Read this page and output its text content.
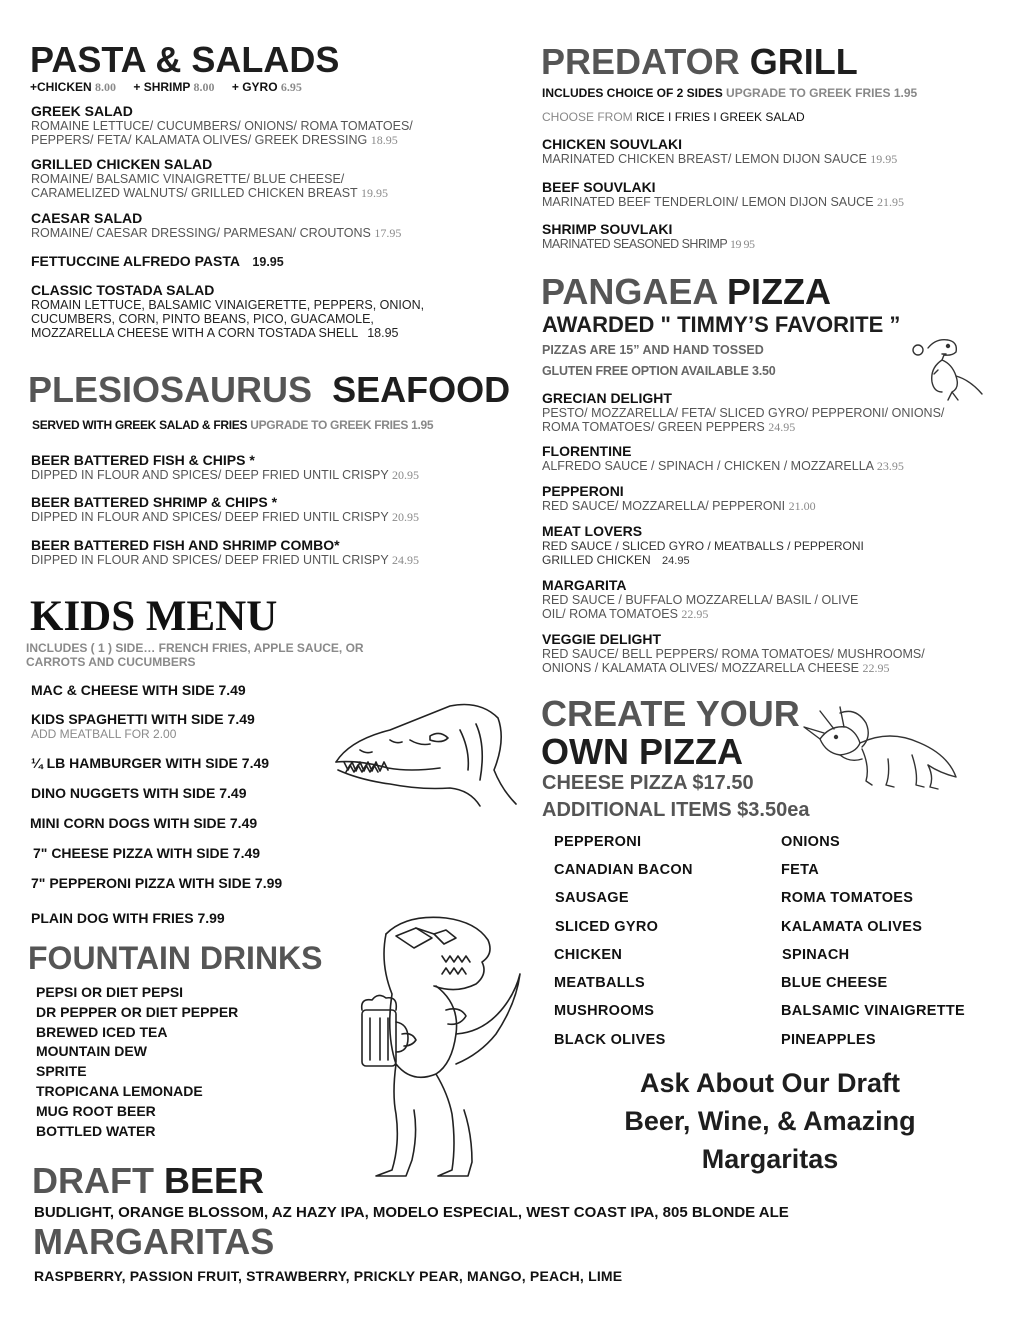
PASTA & SALADS
+CHICKEN 8.00 + SHRIMP 8.00 + GYRO 6.95
GREEK SALAD
ROMAINE LETTUCE/ CUCUMBERS/ ONIONS/ ROMA TOMATOES/
PEPPERS/ FETA/ KALAMATA OLIVES/ GREEK DRESSING 18.95
GRILLED CHICKEN SALAD
ROMAINE/ BALSAMIC VINAIGRETTE/ BLUE CHEESE/
CARAMELIZED WALNUTS/ GRILLED CHICKEN BREAST 19.95
CAESAR SALAD
ROMAINE/ CAESAR DRESSING/ PARMESAN/ CROUTONS 17.95
FETTUCCINE ALFREDO PASTA 19.95
CLASSIC TOSTADA SALAD
ROMAIN LETTUCE, BALSAMIC VINAIGERETTE, PEPPERS, ONION,
CUCUMBERS, CORN, PINTO BEANS, PICO, GUACAMOLE,
MOZZARELLA CHEESE WITH A CORN TOSTADA SHELL 18.95
PLESIOSAURUS SEAFOOD
SERVED WITH GREEK SALAD & FRIES UPGRADE TO GREEK FRIES 1.95
BEER BATTERED FISH & CHIPS *
DIPPED IN FLOUR AND SPICES/ DEEP FRIED UNTIL CRISPY 20.95
BEER BATTERED SHRIMP & CHIPS *
DIPPED IN FLOUR AND SPICES/ DEEP FRIED UNTIL CRISPY 20.95
BEER BATTERED FISH AND SHRIMP COMBO*
DIPPED IN FLOUR AND SPICES/ DEEP FRIED UNTIL CRISPY 24.95
KIDS MENU
INCLUDES ( 1 ) SIDE… FRENCH FRIES, APPLE SAUCE, OR
CARROTS AND CUCUMBERS
MAC & CHEESE WITH SIDE 7.49
KIDS SPAGHETTI WITH SIDE 7.49
ADD MEATBALL FOR 2.00
¼ LB HAMBURGER WITH SIDE 7.49
DINO NUGGETS WITH SIDE 7.49
MINI CORN DOGS WITH SIDE 7.49
7" CHEESE PIZZA WITH SIDE 7.49
7" PEPPERONI PIZZA WITH SIDE 7.99
PLAIN DOG WITH FRIES 7.99
FOUNTAIN DRINKS
PEPSI OR DIET PEPSI
DR PEPPER OR DIET PEPPER
BREWED ICED TEA
MOUNTAIN DEW
SPRITE
TROPICANA LEMONADE
MUG ROOT BEER
BOTTLED WATER
DRAFT BEER
BUDLIGHT, ORANGE BLOSSOM, AZ HAZY IPA, MODELO ESPECIAL, WEST COAST IPA, 805 BLONDE ALE
MARGARITAS
RASPBERRY, PASSION FRUIT, STRAWBERRY, PRICKLY PEAR, MANGO, PEACH, LIME
PREDATOR GRILL
INCLUDES CHOICE OF 2 SIDES UPGRADE TO GREEK FRIES 1.95
CHOOSE FROM RICE I FRIES I GREEK SALAD
CHICKEN SOUVLAKI
MARINATED CHICKEN BREAST/ LEMON DIJON SAUCE 19.95
BEEF SOUVLAKI
MARINATED BEEF TENDERLOIN/ LEMON DIJON SAUCE 21.95
SHRIMP SOUVLAKI
MARINATED SEASONED SHRIMP 19 95
PANGAEA PIZZA
AWARDED " TIMMY’S FAVORITE ”
PIZZAS ARE 15” AND HAND TOSSED
GLUTEN FREE OPTION AVAILABLE 3.50
GRECIAN DELIGHT
PESTO/ MOZZARELLA/ FETA/ SLICED GYRO/ PEPPERONI/ ONIONS/
ROMA TOMATOES/ GREEN PEPPERS 24.95
FLORENTINE
ALFREDO SAUCE / SPINACH / CHICKEN / MOZZARELLA 23.95
PEPPERONI
RED SAUCE/ MOZZARELLA/ PEPPERONI 21.00
MEAT LOVERS
RED SAUCE / SLICED GYRO / MEATBALLS / PEPPERONI
GRILLED CHICKEN 24.95
MARGARITA
RED SAUCE / BUFFALO MOZZARELLA/ BASIL / OLIVE
OIL/ ROMA TOMATOES 22.95
VEGGIE DELIGHT
RED SAUCE/ BELL PEPPERS/ ROMA TOMATOES/ MUSHROOMS/
ONIONS / KALAMATA OLIVES/ MOZZARELLA CHEESE 22.95
CREATE YOUR
OWN PIZZA
CHEESE PIZZA $17.50
ADDITIONAL ITEMS $3.50ea
PEPPERONI
CANADIAN BACON
SAUSAGE
SLICED GYRO
CHICKEN
MEATBALLS
MUSHROOMS
BLACK OLIVES
ONIONS
FETA
ROMA TOMATOES
KALAMATA OLIVES
SPINACH
BLUE CHEESE
BALSAMIC VINAIGRETTE
PINEAPPLES
Ask About Our Draft
Beer, Wine, & Amazing
Margaritas
